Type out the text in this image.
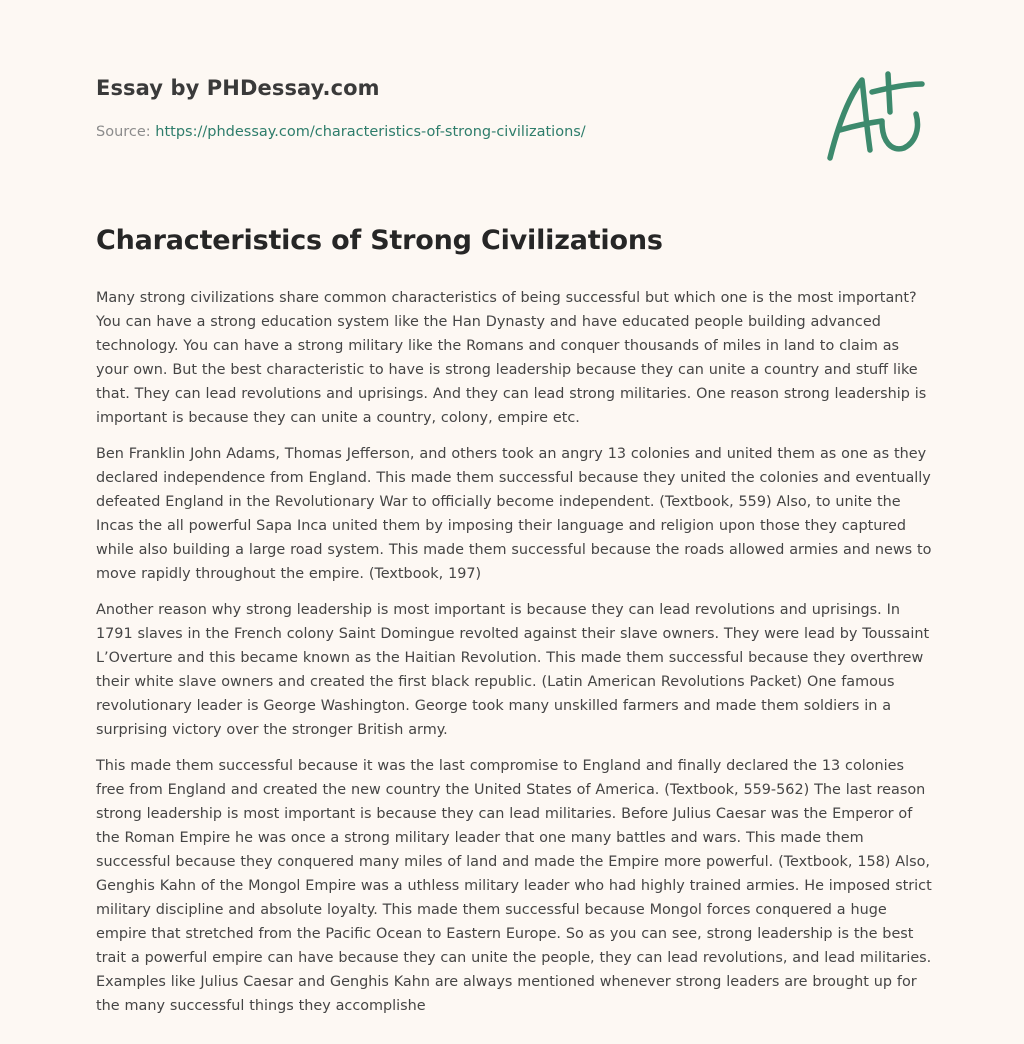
Essay by PHDessay.com
Source: https://phdessay.com/characteristics-of-strong-civilizations/
Characteristics of Strong Civilizations

Many strong civilizations share common characteristics of being successful but which one is the most important? You can have a strong education system like the Han Dynasty and have educated people building advanced technology. You can have a strong military like the Romans and conquer thousands of miles in land to claim as your own. But the best characteristic to have is strong leadership because they can unite a country and stuff like that. They can lead revolutions and uprisings. And they can lead strong militaries. One reason strong leadership is important is because they can unite a country, colony, empire etc.

Ben Franklin John Adams, Thomas Jefferson, and others took an angry 13 colonies and united them as one as they declared independence from England. This made them successful because they united the colonies and eventually defeated England in the Revolutionary War to officially become independent. (Textbook, 559) Also, to unite the Incas the all powerful Sapa Inca united them by imposing their language and religion upon those they captured while also building a large road system. This made them successful because the roads allowed armies and news to move rapidly throughout the empire. (Textbook, 197)

Another reason why strong leadership is most important is because they can lead revolutions and uprisings. In 1791 slaves in the French colony Saint Domingue revolted against their slave owners. They were lead by Toussaint L’Overture and this became known as the Haitian Revolution. This made them successful because they overthrew their white slave owners and created the first black republic. (Latin American Revolutions Packet) One famous revolutionary leader is George Washington. George took many unskilled farmers and made them soldiers in a surprising victory over the stronger British army.

This made them successful because it was the last compromise to England and finally declared the 13 colonies free from England and created the new country the United States of America. (Textbook, 559-562) The last reason strong leadership is most important is because they can lead militaries. Before Julius Caesar was the Emperor of the Roman Empire he was once a strong military leader that one many battles and wars. This made them successful because they conquered many miles of land and made the Empire more powerful. (Textbook, 158) Also, Genghis Kahn of the Mongol Empire was a uthless military leader who had highly trained armies. He imposed strict military discipline and absolute loyalty. This made them successful because Mongol forces conquered a huge empire that stretched from the Pacific Ocean to Eastern Europe. So as you can see, strong leadership is the best trait a powerful empire can have because they can unite the people, they can lead revolutions, and lead militaries. Examples like Julius Caesar and Genghis Kahn are always mentioned whenever strong leaders are brought up for the many successful things they accomplishe
